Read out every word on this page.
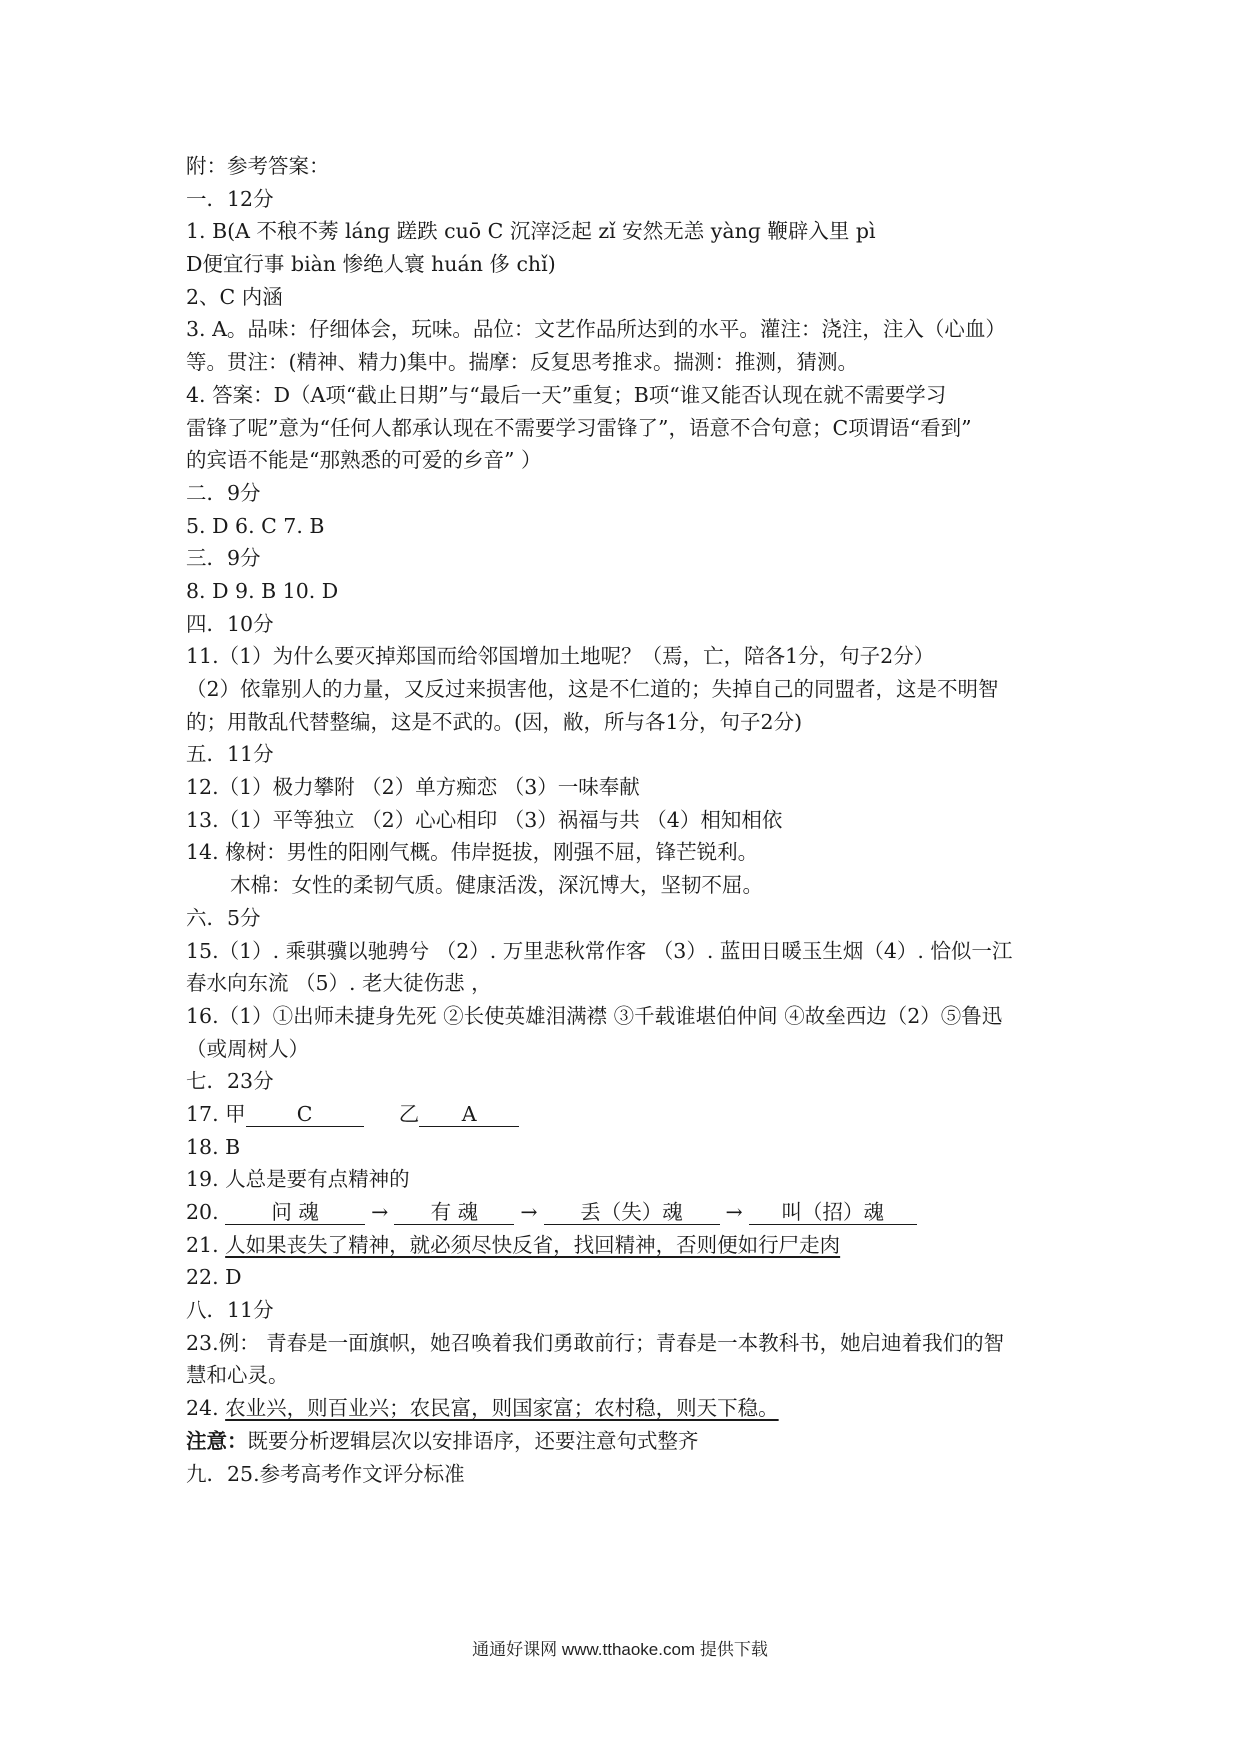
附：参考答案：
一．12分
1. B(A 不稂不莠 lánɡ 蹉跌 cuō C 沉滓泛起 zǐ 安然无恙 yànɡ 鞭辟入里 pì
D便宜行事 biàn 惨绝人寰 huán 侈 chǐ)
2、C 内涵
3. A。品味：仔细体会，玩味。品位：文艺作品所达到的水平。灌注：浇注，注入（心血）
等。贯注：(精神、精力)集中。揣摩：反复思考推求。揣测：推测，猜测。
4. 答案：D（A项“截止日期”与“最后一天”重复；B项“谁又能否认现在就不需要学习
雷锋了呢”意为“任何人都承认现在不需要学习雷锋了”，语意不合句意；C项谓语“看到”
的宾语不能是“那熟悉的可爱的乡音” ）
二．9分
5. D 6. C 7. B
三．9分
8. D 9. B 10. D
四．10分
11.（1）为什么要灭掉郑国而给邻国增加土地呢？（焉，亡，陪各1分，句子2分）
（2）依靠别人的力量，又反过来损害他，这是不仁道的；失掉自己的同盟者，这是不明智
的；用散乱代替整编，这是不武的。(因，敝，所与各1分，句子2分)
五．11分
12.（1）极力攀附 （2）单方痴恋 （3）一味奉献
13.（1）平等独立 （2）心心相印 （3）祸福与共 （4）相知相依
14. 橡树：男性的阳刚气概。伟岸挺拔，刚强不屈，锋芒锐利。
木棉：女性的柔韧气质。健康活泼，深沉博大，坚韧不屈。
六．5分
15.（1）. 乘骐骥以驰骋兮 （2）. 万里悲秋常作客 （3）. 蓝田日暖玉生烟（4）. 恰似一江
春水向东流 （5）. 老大徒伤悲 ，
16.（1）①出师未捷身先死 ②长使英雄泪满襟 ③千载谁堪伯仲间 ④故垒西边（2）⑤鲁迅
（或周树人）
七．23分
17. 甲 C	乙 A
18. B
19. 人总是要有点精神的
20.	问 魂	→ 有 魂 → 丢（失）魂 → 叫（招）魂
21. 人如果丧失了精神，就必须尽快反省，找回精神，否则便如行尸走肉
22. D
八．11分
23.例： 青春是一面旗帜，她召唤着我们勇敢前行；青春是一本教科书，她启迪着我们的智
慧和心灵。
24. 农业兴，则百业兴；农民富，则国家富；农村稳，则天下稳。
注意：既要分析逻辑层次以安排语序，还要注意句式整齐
九．25.参考高考作文评分标准
通通好课网 www.tthaoke.com 提供下载
